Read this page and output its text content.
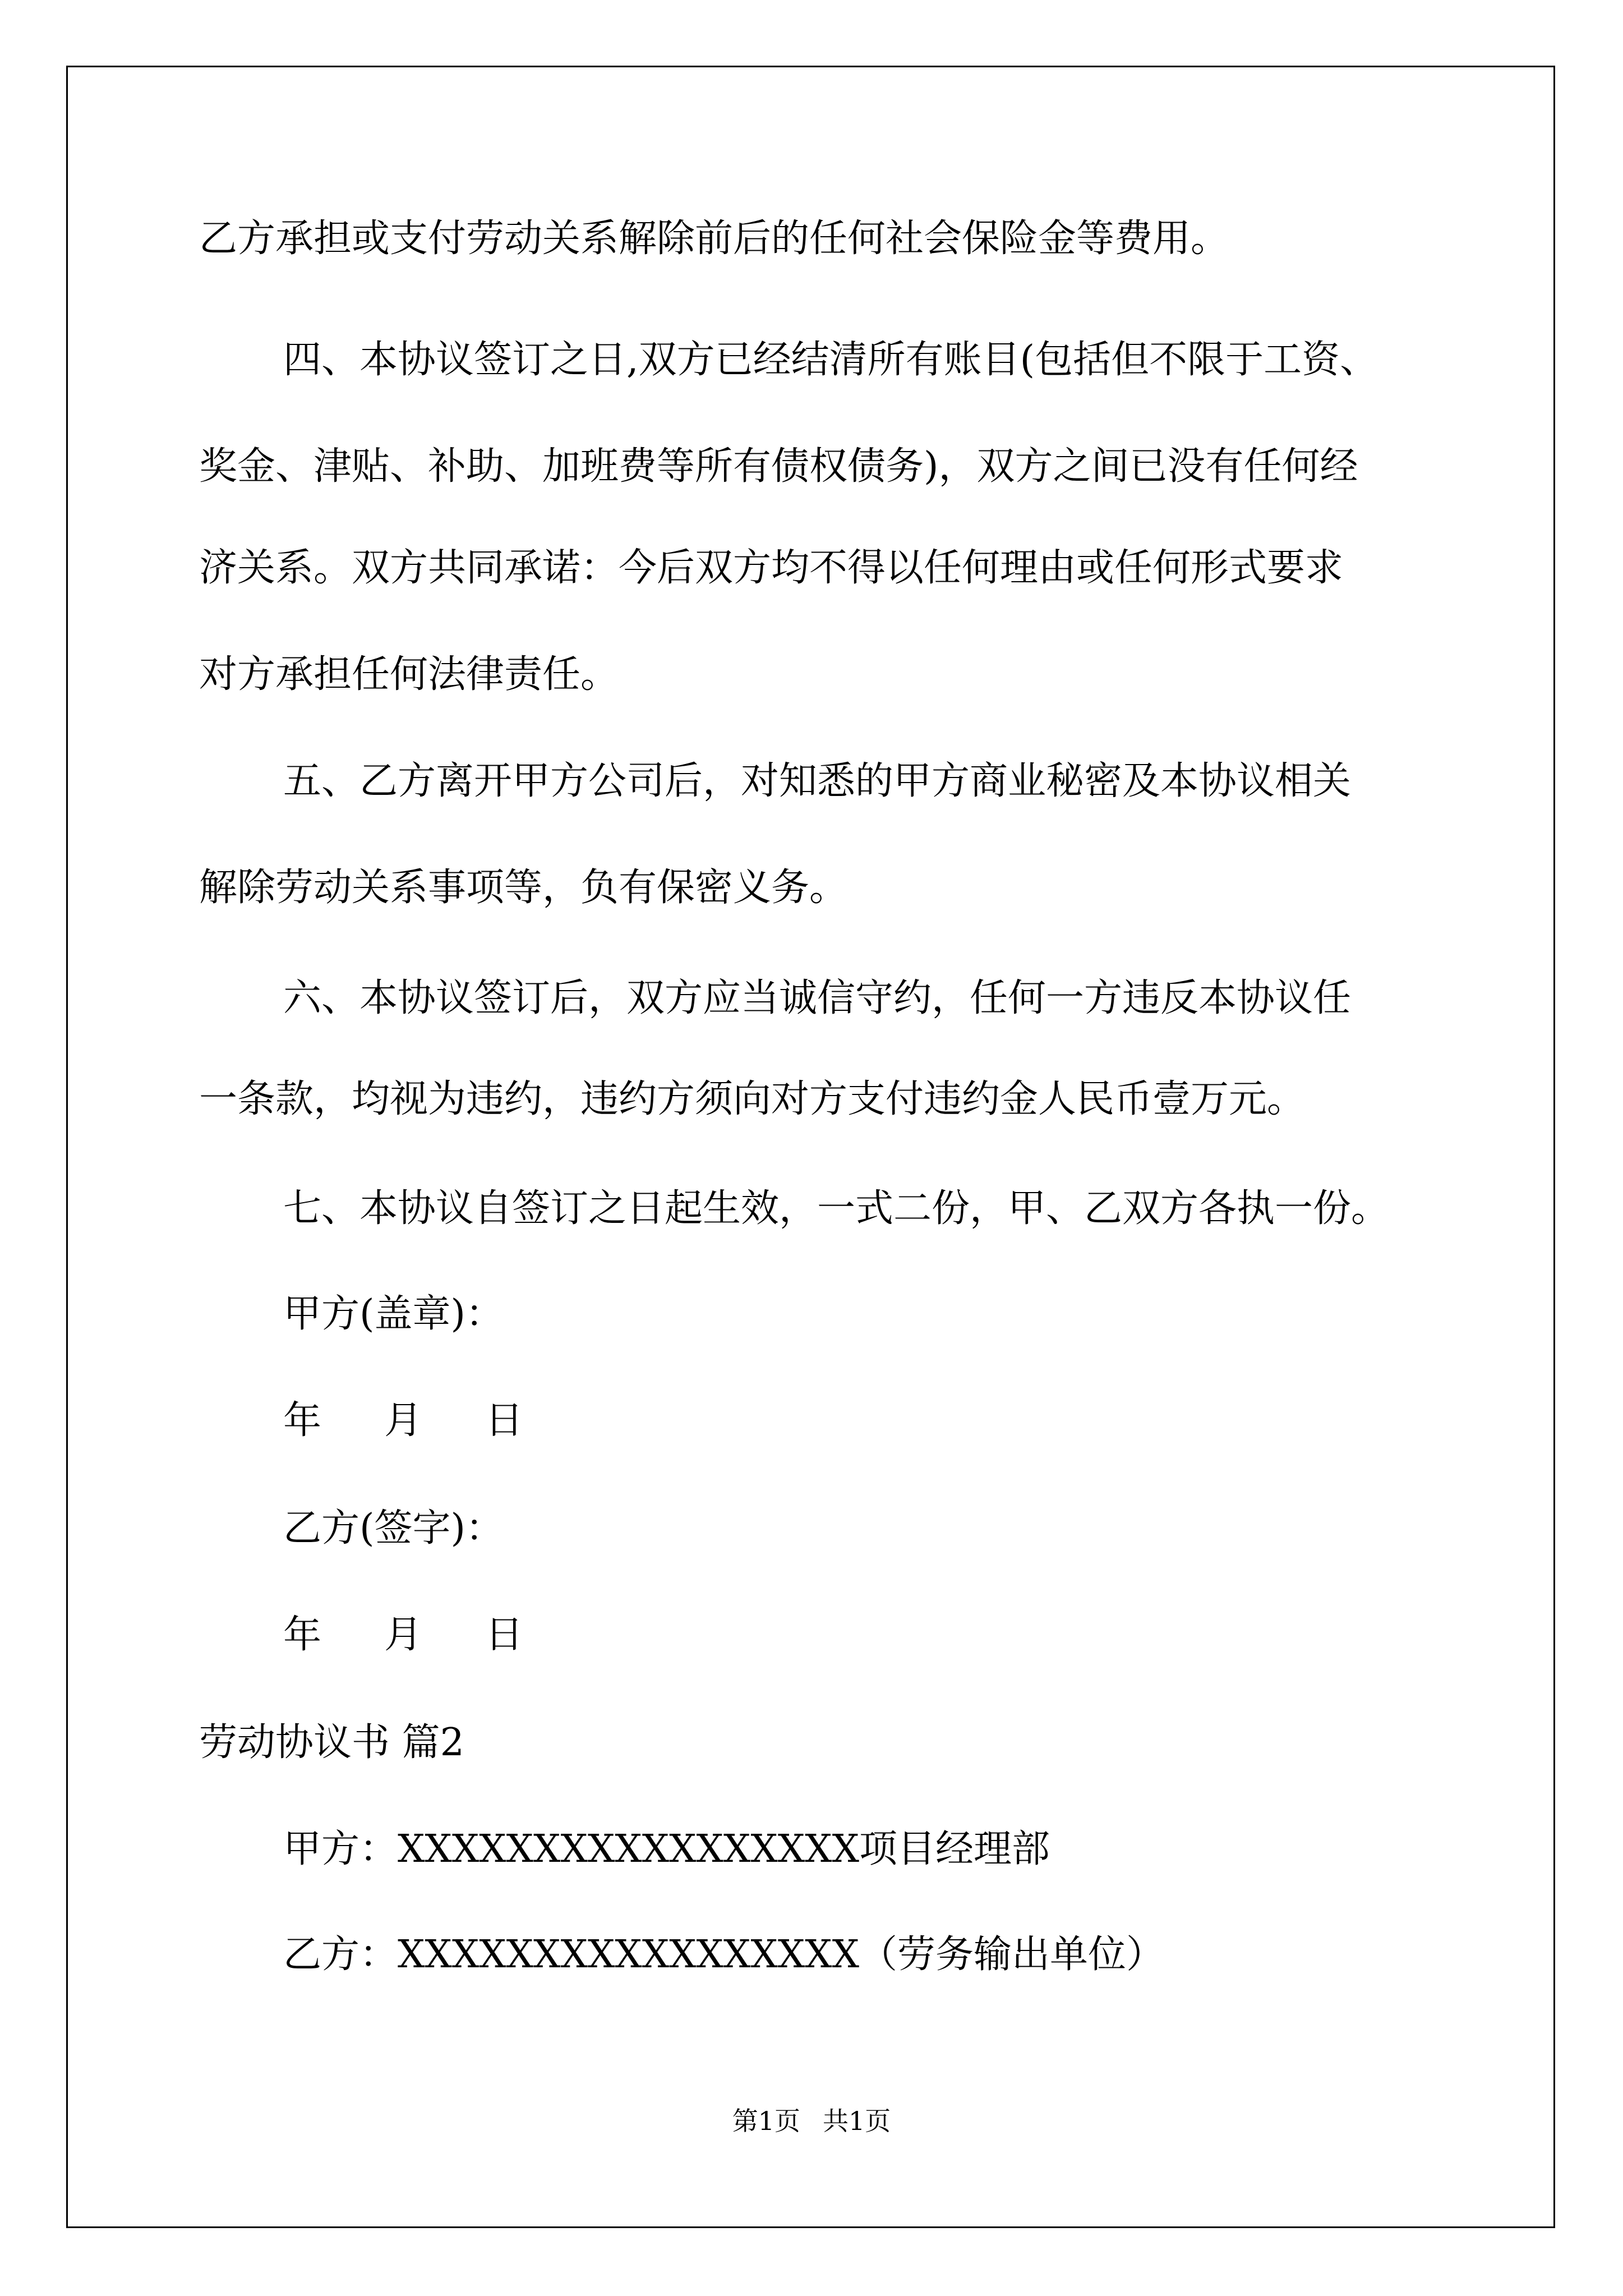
乙方承担或支付劳动关系解除前后的任何社会保险金等费用。
四、本协议签订之日,双方已经结清所有账目(包括但不限于工资、
奖金、津贴、补助、加班费等所有债权债务)，双方之间已没有任何经
济关系。双方共同承诺：今后双方均不得以任何理由或任何形式要求
对方承担任何法律责任。
五、乙方离开甲方公司后，对知悉的甲方商业秘密及本协议相关
解除劳动关系事项等，负有保密义务。
六、本协议签订后，双方应当诚信守约，任何一方违反本协议任
一条款，均视为违约，违约方须向对方支付违约金人民币壹万元。
七、本协议自签订之日起生效，一式二份，甲、乙双方各执一份。
甲方(盖章)：
年 月 日
乙方(签字)：
年 月 日
劳动协议书 篇2
甲方：XXXXXXXXXXXXXXXXX项目经理部
乙方：XXXXXXXXXXXXXXXXX（劳务输出单位）
第1页 共1页
